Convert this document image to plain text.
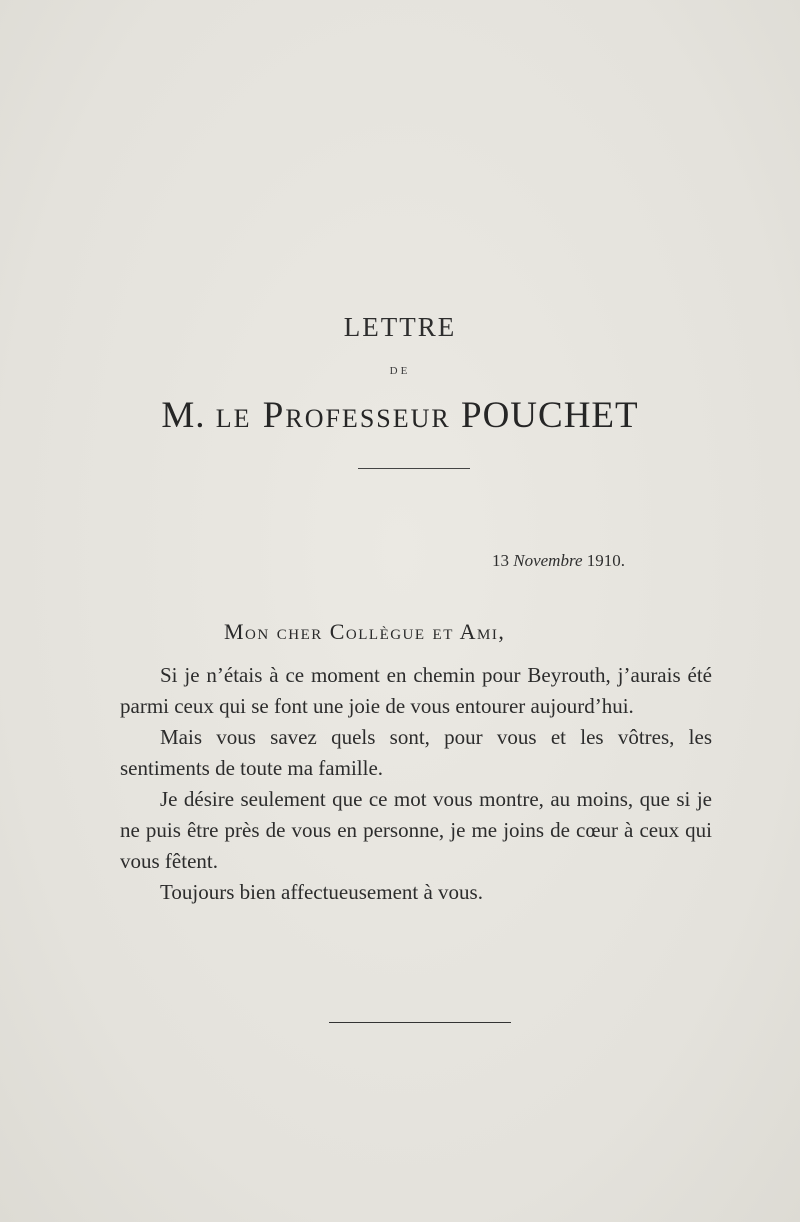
LETTRE
DE
M. le Professeur POUCHET
13 Novembre 1910.
Mon cher Collègue et Ami,

Si je n’étais à ce moment en chemin pour Beyrouth, j’aurais été parmi ceux qui se font une joie de vous entourer aujourd’hui.

Mais vous savez quels sont, pour vous et les vôtres, les sentiments de toute ma famille.

Je désire seulement que ce mot vous montre, au moins, que si je ne puis être près de vous en personne, je me joins de cœur à ceux qui vous fêtent.

Toujours bien affectueusement à vous.
